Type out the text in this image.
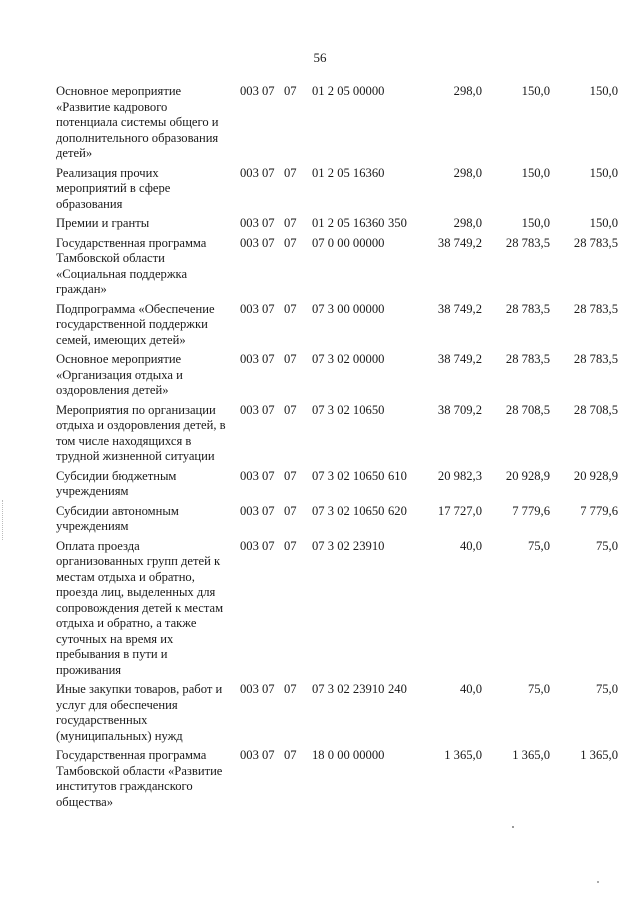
56
Основное мероприятие «Развитие кадрового потенциала системы общего и дополнительного образования детей»	003	07	07	01 2 05 00000		298,0	150,0	150,0
Реализация прочих мероприятий в сфере образования	003	07	07	01 2 05 16360		298,0	150,0	150,0
Премии и гранты	003	07	07	01 2 05 16360	350	298,0	150,0	150,0
Государственная программа Тамбовской области «Социальная поддержка граждан»	003	07	07	07 0 00 00000		38 749,2	28 783,5	28 783,5
Подпрограмма «Обеспечение государственной поддержки семей, имеющих детей»	003	07	07	07 3 00 00000		38 749,2	28 783,5	28 783,5
Основное мероприятие «Организация отдыха и оздоровления детей»	003	07	07	07 3 02 00000		38 749,2	28 783,5	28 783,5
Мероприятия по организации отдыха и оздоровления детей, в том числе находящихся в трудной жизненной ситуации	003	07	07	07 3 02 10650		38 709,2	28 708,5	28 708,5
Субсидии бюджетным учреждениям	003	07	07	07 3 02 10650	610	20 982,3	20 928,9	20 928,9
Субсидии автономным учреждениям	003	07	07	07 3 02 10650	620	17 727,0	7 779,6	7 779,6
Оплата проезда организованных групп детей к местам отдыха и обратно, проезда лиц, выделенных для сопровождения детей к местам отдыха и обратно, а также суточных на время их пребывания в пути и проживания	003	07	07	07 3 02 23910		40,0	75,0	75,0
Иные закупки товаров, работ и услуг для обеспечения государственных (муниципальных) нужд	003	07	07	07 3 02 23910	240	40,0	75,0	75,0
Государственная программа Тамбовской области «Развитие институтов гражданского общества»	003	07	07	18 0 00 00000		1 365,0	1 365,0	1 365,0
